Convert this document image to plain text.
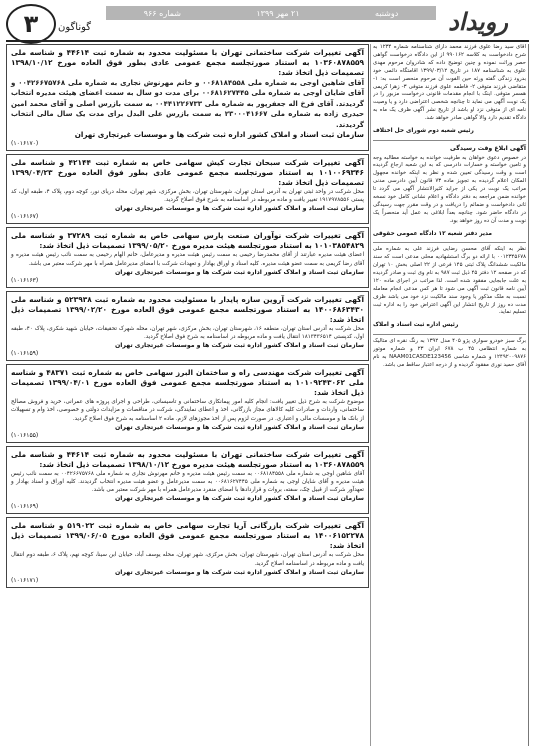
۳	گوناگون
دوشنبه
۲۱ مهر ۱۳۹۹
شماره ۹۶۶	رویداد
آگهی تغییرات شرکت ساختمانی تهران با مسئولیت محدود به شماره ثبت ۴۴۶۱۴ و شناسه ملی ۱۰۳۶۰۸۷۸۵۵۹ به استناد صورتجلسه مجمع عمومی عادی بطور فوق العاده مورخ ۱۳۹۸/۱۰/۱۲ تصمیمات ذیل اتخاذ شد:
آقای شاهین اوجی به شماره ملی ۰۰۶۸۱۸۴۵۵۸ و خانم مهرنوش نجاری به شماره ملی ۰۰۴۲۶۶۷۵۷۶۸ و آقای شایان اوجی به شماره ملی ۰۰۶۸۱۶۲۷۴۴۵ برای مدت دو سال به سمت اعضای هیئت مدیره انتخاب گردیدند. آقای فرخ اله جعفرپور به شماره ملی ۰۰۴۴۱۲۲۶۷۳۳ به سمت بازرس اصلی و آقای محمد امین حیدری زاده به شماره ملی ۲۳۰۰۰۴۱۶۶۷ به سمت بازرس علی البدل برای مدت یک سال مالی انتخاب گردیدند.
سازمان ثبت اسناد و املاک کشور اداره ثبت شرکت ها و موسسات غیرتجاری تهران
(۱۰۱۶۱۷۰)
آگهی تغییرات شرکت سبحان تجارت کیش سهامی خاص به شماره ثبت ۴۲۱۴۴ و شناسه ملی ۱۰۱۰۰۶۹۳۴۶ به استناد صورتجلسه مجمع عمومی عادی بطور فوق العاده مورخ ۱۳۹۹/۰۴/۲۳ تصمیمات ذیل اتخاذ شد:
محل شرکت در واحد ثبتی تهران به آدرس استان تهران، شهرستان تهران، بخش مرکزی، شهر تهران، محله دریای نور، کوچه دوم، پلاک ۴، طبقه اول، کد پستی ۱۹۱۷۹۷۸۵۵۶ تغییر یافت و ماده مربوطه در اساسنامه به شرح فوق اصلاح گردید.
سازمان ثبت اسناد و املاک کشور اداره ثبت شرکت ها و موسسات غیرتجاری تهران
(۱۰۱۶۱۶۷)
آگهی تغییرات شرکت نوآوران صنعت پارس سهامی خاص به شماره ثبت ۳۷۲۸۹ و شناسه ملی ۱۰۱۰۳۸۵۴۸۲۹ به استناد صورتجلسه هیئت مدیره مورخ ۱۳۹۹/۰۵/۲۰ تصمیمات ذیل اتخاذ شد:
اعضای هیئت مدیره عبارتند از آقای محمدرضا رحیمی به سمت رئیس هیئت مدیره و مدیرعامل، خانم الهام رحیمی به سمت نائب رئیس هیئت مدیره و آقای رضا کریمی به سمت عضو هیئت مدیره. کلیه اسناد و اوراق بهادار و تعهدات شرکت با امضای مدیرعامل همراه با مهر شرکت معتبر می باشد.
سازمان ثبت اسناد و املاک کشور اداره ثبت شرکت ها و موسسات غیرتجاری تهران
(۱۰۱۶۱۶۳)
آگهی تغییرات شرکت آروین سازه پایدار با مسئولیت محدود به شماره ثبت ۵۲۳۹۳۸ و شناسه ملی ۱۴۰۰۶۸۶۳۴۳۰ به استناد صورتجلسه مجمع عمومی فوق العاده مورخ ۱۳۹۹/۰۲/۲۰ تصمیمات ذیل اتخاذ شد:
محل شرکت به آدرس استان تهران، منطقه ۱۶، شهرستان تهران، بخش مرکزی، شهر تهران، محله شهرک تحقیقات، خیابان شهید شکری، پلاک ۴۰، طبقه اول، کدپستی ۱۸۱۳۴۳۶۵۱۴ انتقال یافت و ماده مربوطه در اساسنامه به شرح فوق اصلاح گردید.
سازمان ثبت اسناد و املاک کشور اداره ثبت شرکت ها و موسسات غیرتجاری تهران
(۱۰۱۶۱۵۹)
آگهی تغییرات شرکت مهندسی راه و ساختمان البرز سهامی خاص به شماره ثبت ۴۸۳۷۱ و شناسه ملی ۱۰۱۰۹۲۴۳۰۶۲ به استناد صورتجلسه مجمع عمومی فوق العاده مورخ ۱۳۹۹/۰۴/۰۱ تصمیمات ذیل اتخاذ شد:
موضوع شرکت به شرح ذیل تغییر یافت: انجام کلیه امور پیمانکاری ساختمانی و تاسیساتی، طراحی و اجرای پروژه های عمرانی، خرید و فروش مصالح ساختمانی، واردات و صادرات کلیه کالاهای مجاز بازرگانی، اخذ و اعطای نمایندگی، شرکت در مناقصات و مزایدات دولتی و خصوصی، اخذ وام و تسهیلات از بانک ها و موسسات مالی و اعتباری. در صورت لزوم پس از اخذ مجوزهای لازم. ماده ۲ اساسنامه به شرح فوق اصلاح گردید.
سازمان ثبت اسناد و املاک کشور اداره ثبت شرکت ها و موسسات غیرتجاری تهران
(۱۰۱۶۱۵۵)
آگهی تغییرات شرکت ساختمانی تهران با مسئولیت محدود به شماره ثبت ۴۴۶۱۴ و شناسه ملی ۱۰۳۶۰۸۷۸۵۵۹ به استناد صورتجلسه هیئت مدیره مورخ ۱۳۹۸/۱۰/۱۲ تصمیمات ذیل اتخاذ شد:
آقای شاهین اوجی به شماره ملی ۰۰۶۸۱۸۴۵۵۸ به سمت رئیس هیئت مدیره و خانم مهرنوش نجاری به شماره ملی ۰۰۴۲۶۶۷۵۷۶۸ به سمت نائب رئیس هیئت مدیره و آقای شایان اوجی به شماره ملی ۰۰۶۸۱۶۲۷۴۴۵ به سمت مدیرعامل و عضو هیئت مدیره انتخاب گردیدند. کلیه اوراق و اسناد بهادار و تعهدآور شرکت از قبیل چک، سفته، بروات و قراردادها با امضای منفرد مدیرعامل همراه با مهر شرکت معتبر می باشد.
سازمان ثبت اسناد و املاک کشور اداره ثبت شرکت ها و موسسات غیرتجاری تهران
(۱۰۱۶۱۶۹)
آگهی تغییرات شرکت بازرگانی آریا تجارت سهامی خاص به شماره ثبت ۵۱۹۰۲۲ و شناسه ملی ۱۴۰۰۶۱۵۲۲۷۸ به استناد صورتجلسه مجمع عمومی فوق العاده مورخ ۱۳۹۹/۰۶/۰۵ تصمیمات ذیل اتخاذ شد:
محل شرکت به آدرس استان تهران، شهرستان تهران، بخش مرکزی، شهر تهران، محله یوسف آباد، خیابان ابن سینا، کوچه نهم، پلاک ۶، طبقه دوم انتقال یافت و ماده مربوطه در اساسنامه اصلاح گردید.
سازمان ثبت اسناد و املاک کشور اداره ثبت شرکت ها و موسسات غیرتجاری تهران
(۱۰۱۶۱۷۱)
آقای سید رضا علوی فرزند محمد دارای شناسنامه شماره ۱۲۳۴ به شرح دادخواست به کلاسه ۹۹۰۱۶۲ از این دادگاه درخواست گواهی حصر وراثت نموده و چنین توضیح داده که شادروان مرحوم مهدی علوی به شناسنامه ۱۸۷ در تاریخ ۱۳۹۹/۰۳/۱۲ اقامتگاه دائمی خود بدرود زندگی گفته ورثه حین الفوت آن مرحوم منحصر است به: ۱- متقاضی فرزند متوفی ۲- فاطمه علوی فرزند متوفی ۳- زهرا کریمی همسر متوفی. اینک با انجام مقدمات قانونی درخواست مزبور را در یک نوبت آگهی می نماید تا چنانچه شخصی اعتراضی دارد و یا وصیت نامه ای از متوفی نزد او باشد از تاریخ نشر آگهی ظرف یک ماه به دادگاه تقدیم دارد والا گواهی صادر خواهد شد.
رئیس شعبه دوم شورای حل اختلاف
آگهی ابلاغ وقت رسیدگی
در خصوص دعوی خواهان به طرفیت خوانده به خواسته مطالبه وجه و تامین خواسته و خسارات دادرسی که به این شعبه ارجاع گردیده است و وقت رسیدگی تعیین شده و نظر به اینکه خوانده مجهول المکان اعلام گردیده به تجویز ماده ۷۳ قانون آیین دادرسی مدنی مراتب یک نوبت در یکی از جراید کثیرالانتشار آگهی می گردد تا خوانده ضمن مراجعه به دفتر دادگاه و اعلام نشانی کامل خود نسخه ثانی دادخواست و ضمائم را دریافت و در وقت مقرر جهت رسیدگی در دادگاه حاضر شود. چنانچه بعداً ابلاغی به عمل آید منحصراً یک نوبت و مدت آن ده روز خواهد بود.
مدیر دفتر شعبه ۱۲ دادگاه عمومی حقوقی
نظر به اینکه آقای محسن رضایی فرزند علی به شماره ملی ۰۰۱۲۳۴۵۶۷۸ با ارائه دو برگ استشهادیه محلی مدعی است که سند مالکیت ششدانگ پلاک ثبتی ۱۴۵ فرعی از ۲۲ اصلی بخش ۱۰ تهران که در صفحه ۱۲ دفتر ۴۵ ذیل ثبت ۹۸۷ به نام وی ثبت و صادر گردیده به علت جابجایی مفقود شده است. لذا مراتب در اجرای ماده ۱۲۰ آیین نامه قانون ثبت آگهی می شود تا هر کس مدعی انجام معامله نسبت به ملک مذکور یا وجود سند مالکیت نزد خود می باشد ظرف مدت ده روز از تاریخ انتشار این آگهی اعتراض خود را به اداره ثبت تسلیم نماید.
رئیس اداره ثبت اسناد و املاک
برگ سبز خودرو سواری پژو ۴۰۵ مدل ۱۳۹۲ به رنگ نقره ای متالیک به شماره انتظامی ۴۵ ب ۶۷۸ ایران ۲۳ و شماره موتور ۱۲۴۹۲۰۰۹۸۷۶ و شماره شاسی NAAM01CA5DE123456 به نام آقای حمید نوری مفقود گردیده و از درجه اعتبار ساقط می باشد.
